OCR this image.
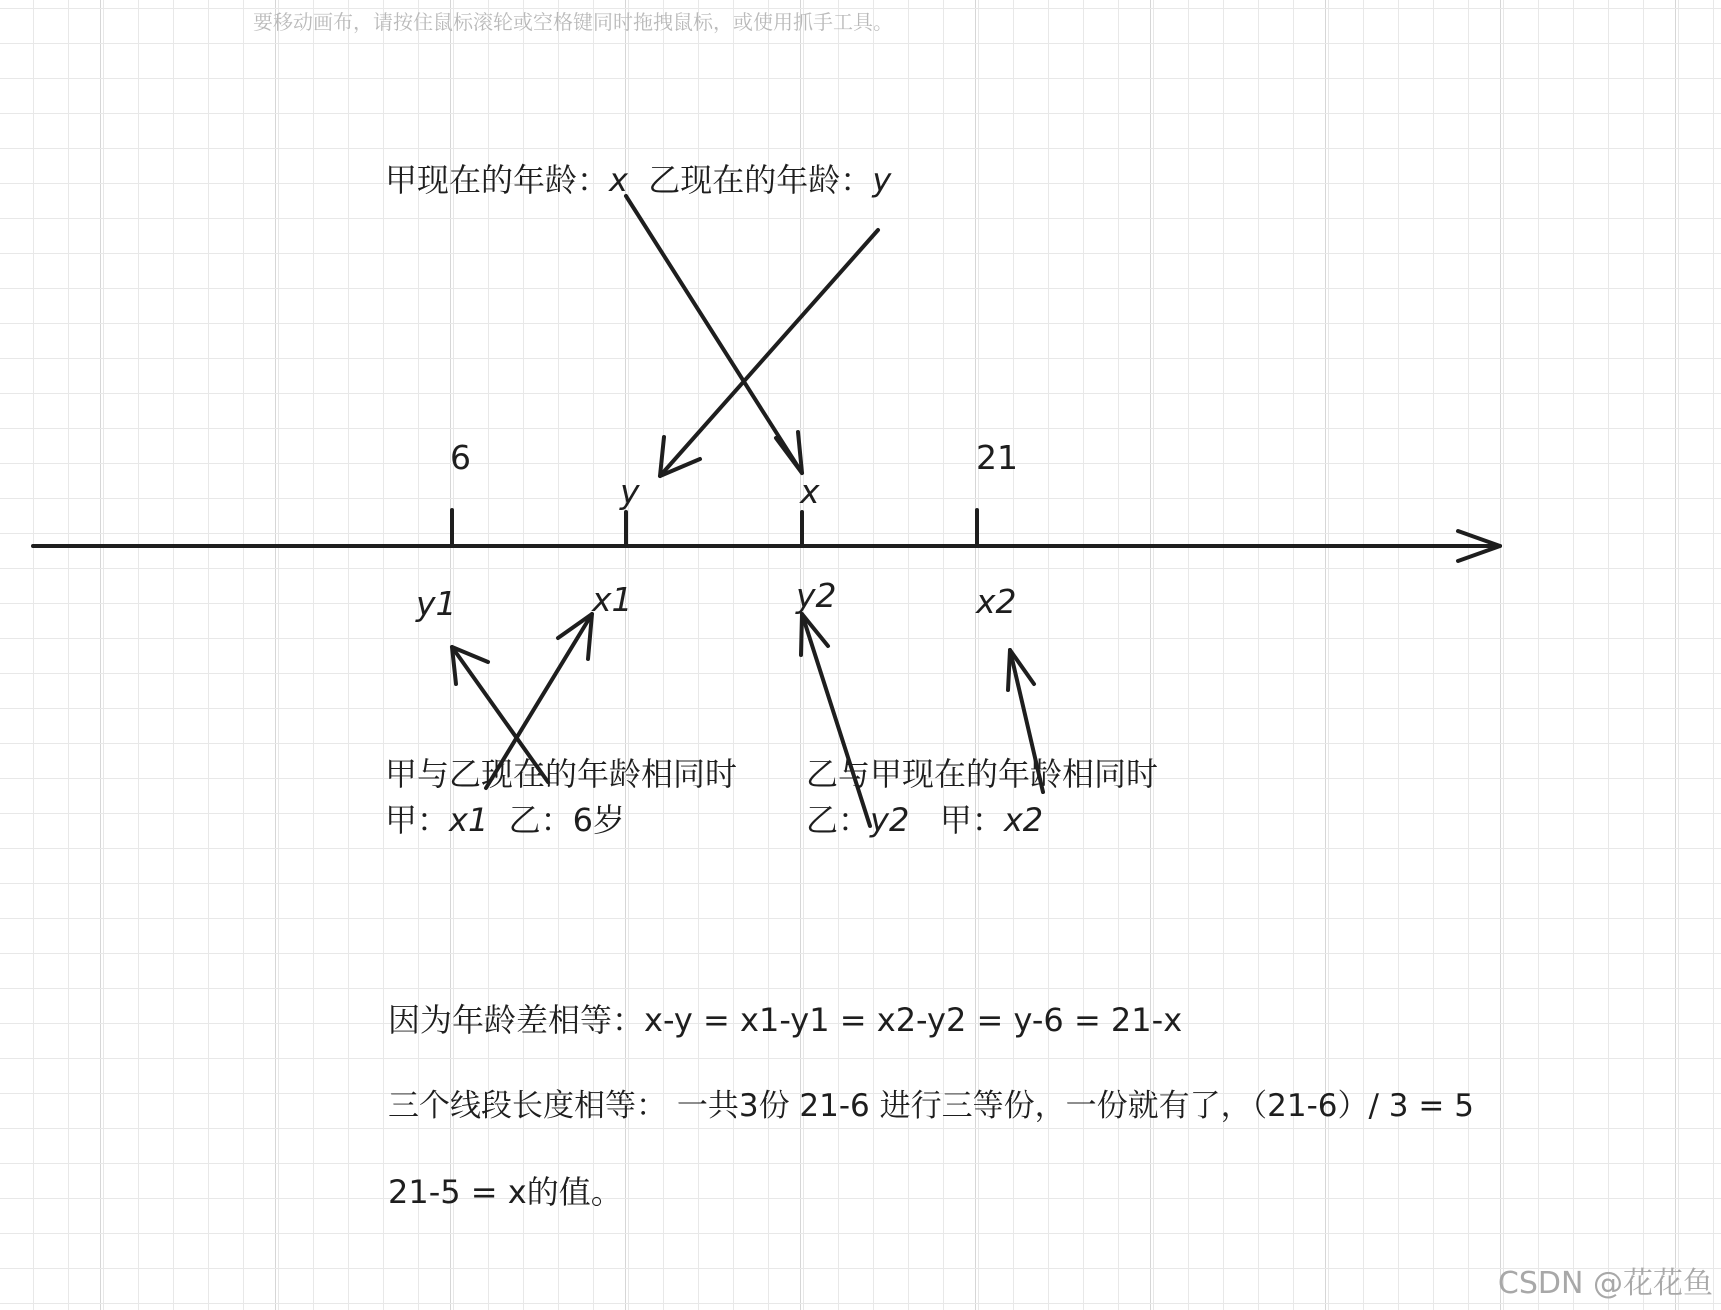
要移动画布，请按住鼠标滚轮或空格键同时拖拽鼠标，或使用抓手工具。
甲现在的年龄：x 乙现在的年龄：y
6
y	x
21
y1	x1	y2	x2
甲与乙现在的年龄相同时
甲：x1  乙：6岁
乙与甲现在的年龄相同时
乙：y2   甲：x2
因为年龄差相等：x-y = x1-y1 = x2-y2 = y-6 = 21-x
三个线段长度相等： 一共3份 21-6 进行三等份，一份就有了，（21-6）/ 3 = 5
21-5 = x的值。
CSDN @花花鱼
